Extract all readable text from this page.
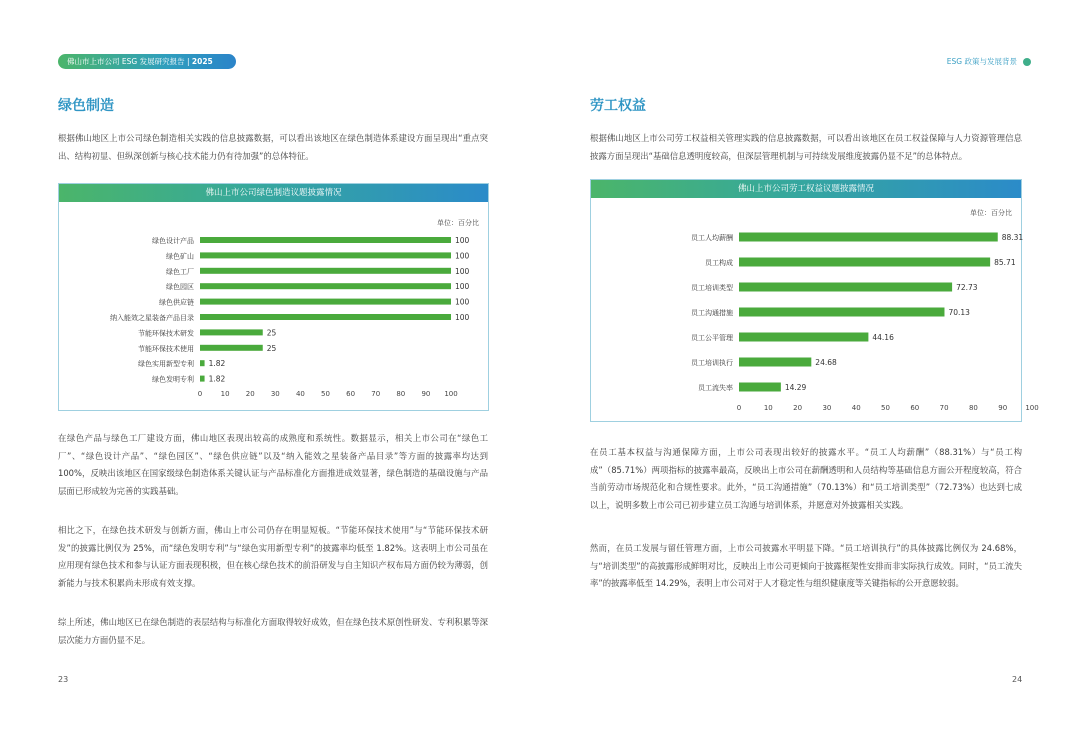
佛山市上市公司 ESG 发展研究报告 | 2025	ESG 政策与发展背景
绿色制造
根据佛山地区上市公司绿色制造相关实践的信息披露数据，可以看出该地区在绿色制造体系建设方面呈现出“重点突出、结构初显、但纵深创新与核心技术能力仍有待加强”的总体特征。
佛山上市公司绿色制造议题披露情况
单位：百分比
绿色设计产品	100
绿色矿山	100
绿色工厂	100
绿色园区	100
绿色供应链	100
纳入能效之星装备产品目录	100
节能环保技术研发	25
节能环保技术使用	25
绿色实用新型专利 1.82
绿色发明专利 1.82
0	10 20 30 40 50 60 70 80 90 100
在绿色产品与绿色工厂建设方面，佛山地区表现出较高的成熟度和系统性。数据显示，相关上市公司在“绿色工厂”、“绿色设计产品”、“绿色园区”、“绿色供应链”以及“纳入能效之星装备产品目录”等方面的披露率均达到 100%，反映出该地区在国家级绿色制造体系关键认证与产品标准化方面推进成效显著，绿色制造的基础设施与产品层面已形成较为完善的实践基础。
相比之下，在绿色技术研发与创新方面，佛山上市公司仍存在明显短板。“节能环保技术使用”与“节能环保技术研发”的披露比例仅为 25%，而“绿色发明专利”与“绿色实用新型专利”的披露率均低至 1.82%。这表明上市公司虽在应用现有绿色技术和参与认证方面表现积极，但在核心绿色技术的前沿研发与自主知识产权布局方面仍较为薄弱，创新能力与技术积累尚未形成有效支撑。
综上所述，佛山地区已在绿色制造的表层结构与标准化方面取得较好成效，但在绿色技术原创性研发、专利积累等深层次能力方面仍显不足。
23
劳工权益
根据佛山地区上市公司劳工权益相关管理实践的信息披露数据，可以看出该地区在员工权益保障与人力资源管理信息披露方面呈现出“基础信息透明度较高，但深层管理机制与可持续发展维度披露仍显不足”的总体特点。
佛山上市公司劳工权益议题披露情况
单位：百分比
员工人均薪酬	88.31
员工构成	85.71
员工培训类型	72.73
员工沟通措施	70.13
员工公平管理	44.16
员工培训执行	24.68
员工流失率	14.29
0	10	20	30	40	50	60	70	80	90	100
在员工基本权益与沟通保障方面，上市公司表现出较好的披露水平。“员工人均薪酬”（88.31%）与“员工构成”（85.71%）两项指标的披露率最高，反映出上市公司在薪酬透明和人员结构等基础信息方面公开程度较高，符合当前劳动市场规范化和合规性要求。此外，“员工沟通措施”（70.13%）和“员工培训类型”（72.73%）也达到七成以上，说明多数上市公司已初步建立员工沟通与培训体系，并愿意对外披露相关实践。
然而，在员工发展与留任管理方面，上市公司披露水平明显下降。“员工培训执行”的具体披露比例仅为 24.68%，与“培训类型”的高披露形成鲜明对比，反映出上市公司更倾向于披露框架性安排而非实际执行成效。同时，“员工流失率”的披露率低至 14.29%，表明上市公司对于人才稳定性与组织健康度等关键指标的公开意愿较弱。
24
